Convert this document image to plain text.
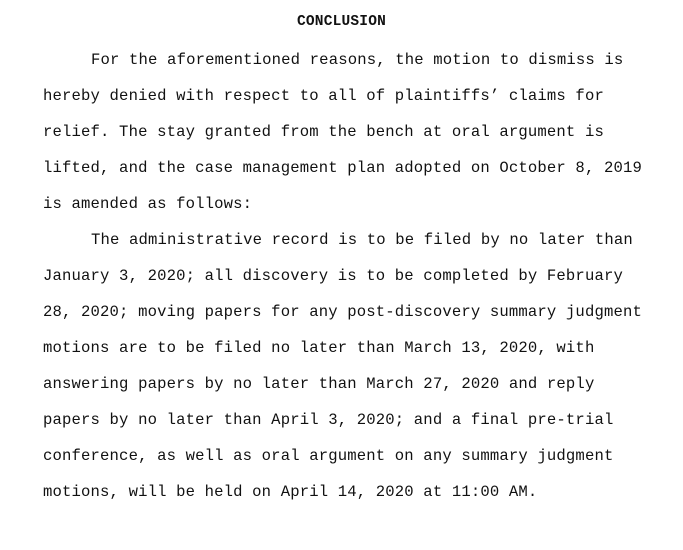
CONCLUSION
For the aforementioned reasons, the motion to dismiss is
hereby denied with respect to all of plaintiffs’ claims for
relief. The stay granted from the bench at oral argument is
lifted, and the case management plan adopted on October 8, 2019
is amended as follows:
The administrative record is to be filed by no later than
January 3, 2020; all discovery is to be completed by February
28, 2020; moving papers for any post-discovery summary judgment
motions are to be filed no later than March 13, 2020, with
answering papers by no later than March 27, 2020 and reply
papers by no later than April 3, 2020; and a final pre-trial
conference, as well as oral argument on any summary judgment
motions, will be held on April 14, 2020 at 11:00 AM.
